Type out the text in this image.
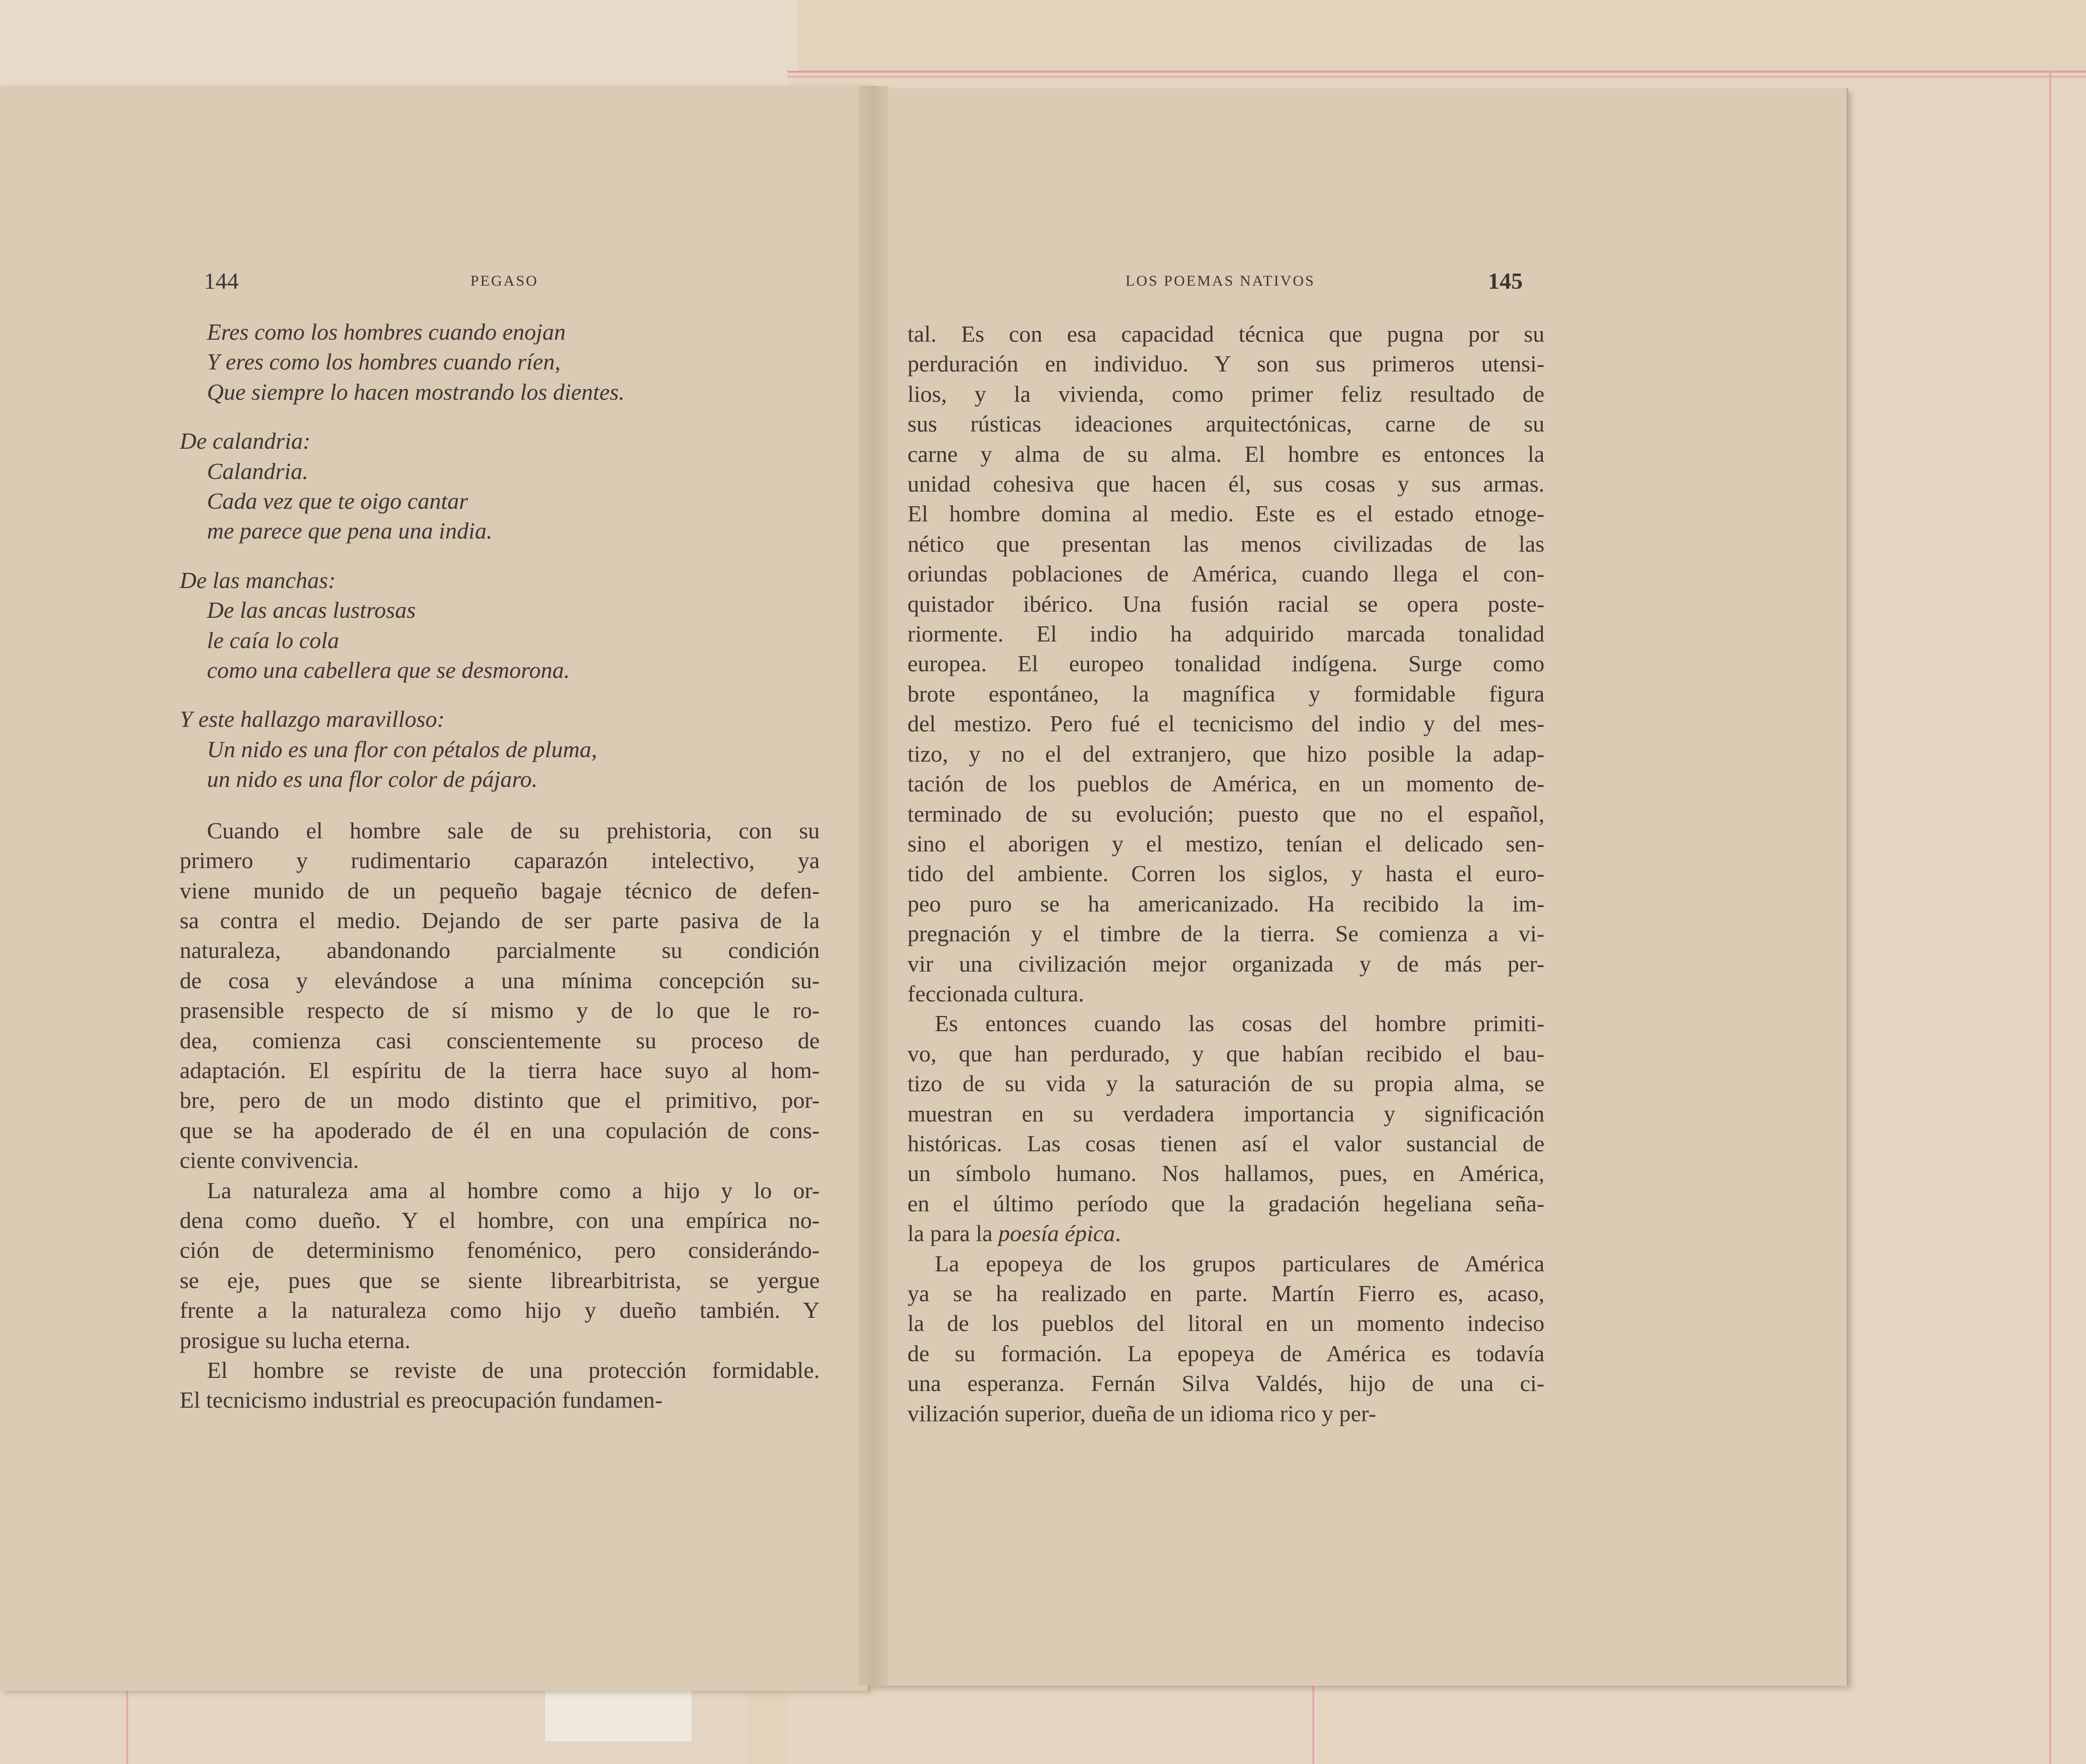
144	PEGASO
Eres como los hombres cuando enojan
Y eres como los hombres cuando ríen,
Que siempre lo hacen mostrando los dientes.
De calandria:
Calandria.
Cada vez que te oigo cantar
me parece que pena una india.
De las manchas:
De las ancas lustrosas
le caía lo cola
como una cabellera que se desmorona.
Y este hallazgo maravilloso:
Un nido es una flor con pétalos de pluma,
un nido es una flor color de pájaro.
Cuando el hombre sale de su prehistoria, con su
primero y rudimentario caparazón intelectivo, ya
viene munido de un pequeño bagaje técnico de defen-
sa contra el medio. Dejando de ser parte pasiva de la
naturaleza, abandonando parcialmente su condición
de cosa y elevándose a una mínima concepción su-
prasensible respecto de sí mismo y de lo que le ro-
dea, comienza casi conscientemente su proceso de
adaptación. El espíritu de la tierra hace suyo al hom-
bre, pero de un modo distinto que el primitivo, por-
que se ha apoderado de él en una copulación de cons-
ciente convivencia.
La naturaleza ama al hombre como a hijo y lo or-
dena como dueño. Y el hombre, con una empírica no-
ción de determinismo fenoménico, pero considerándo-
se eje, pues que se siente librearbitrista, se yergue
frente a la naturaleza como hijo y dueño también. Y
prosigue su lucha eterna.
El hombre se reviste de una protección formidable.
El tecnicismo industrial es preocupación fundamen-
LOS POEMAS NATIVOS	145
tal. Es con esa capacidad técnica que pugna por su
perduración en individuo. Y son sus primeros utensi-
lios, y la vivienda, como primer feliz resultado de
sus rústicas ideaciones arquitectónicas, carne de su
carne y alma de su alma. El hombre es entonces la
unidad cohesiva que hacen él, sus cosas y sus armas.
El hombre domina al medio. Este es el estado etnoge-
nético que presentan las menos civilizadas de las
oriundas poblaciones de América, cuando llega el con-
quistador ibérico. Una fusión racial se opera poste-
riormente. El indio ha adquirido marcada tonalidad
europea. El europeo tonalidad indígena. Surge como
brote espontáneo, la magnífica y formidable figura
del mestizo. Pero fué el tecnicismo del indio y del mes-
tizo, y no el del extranjero, que hizo posible la adap-
tación de los pueblos de América, en un momento de-
terminado de su evolución; puesto que no el español,
sino el aborigen y el mestizo, tenían el delicado sen-
tido del ambiente. Corren los siglos, y hasta el euro-
peo puro se ha americanizado. Ha recibido la im-
pregnación y el timbre de la tierra. Se comienza a vi-
vir una civilización mejor organizada y de más per-
feccionada cultura.
Es entonces cuando las cosas del hombre primiti-
vo, que han perdurado, y que habían recibido el bau-
tizo de su vida y la saturación de su propia alma, se
muestran en su verdadera importancia y significación
históricas. Las cosas tienen así el valor sustancial de
un símbolo humano. Nos hallamos, pues, en América,
en el último período que la gradación hegeliana seña-
la para la poesía épica.
La epopeya de los grupos particulares de América
ya se ha realizado en parte. Martín Fierro es, acaso,
la de los pueblos del litoral en un momento indeciso
de su formación. La epopeya de América es todavía
una esperanza. Fernán Silva Valdés, hijo de una ci-
vilización superior, dueña de un idioma rico y per-
